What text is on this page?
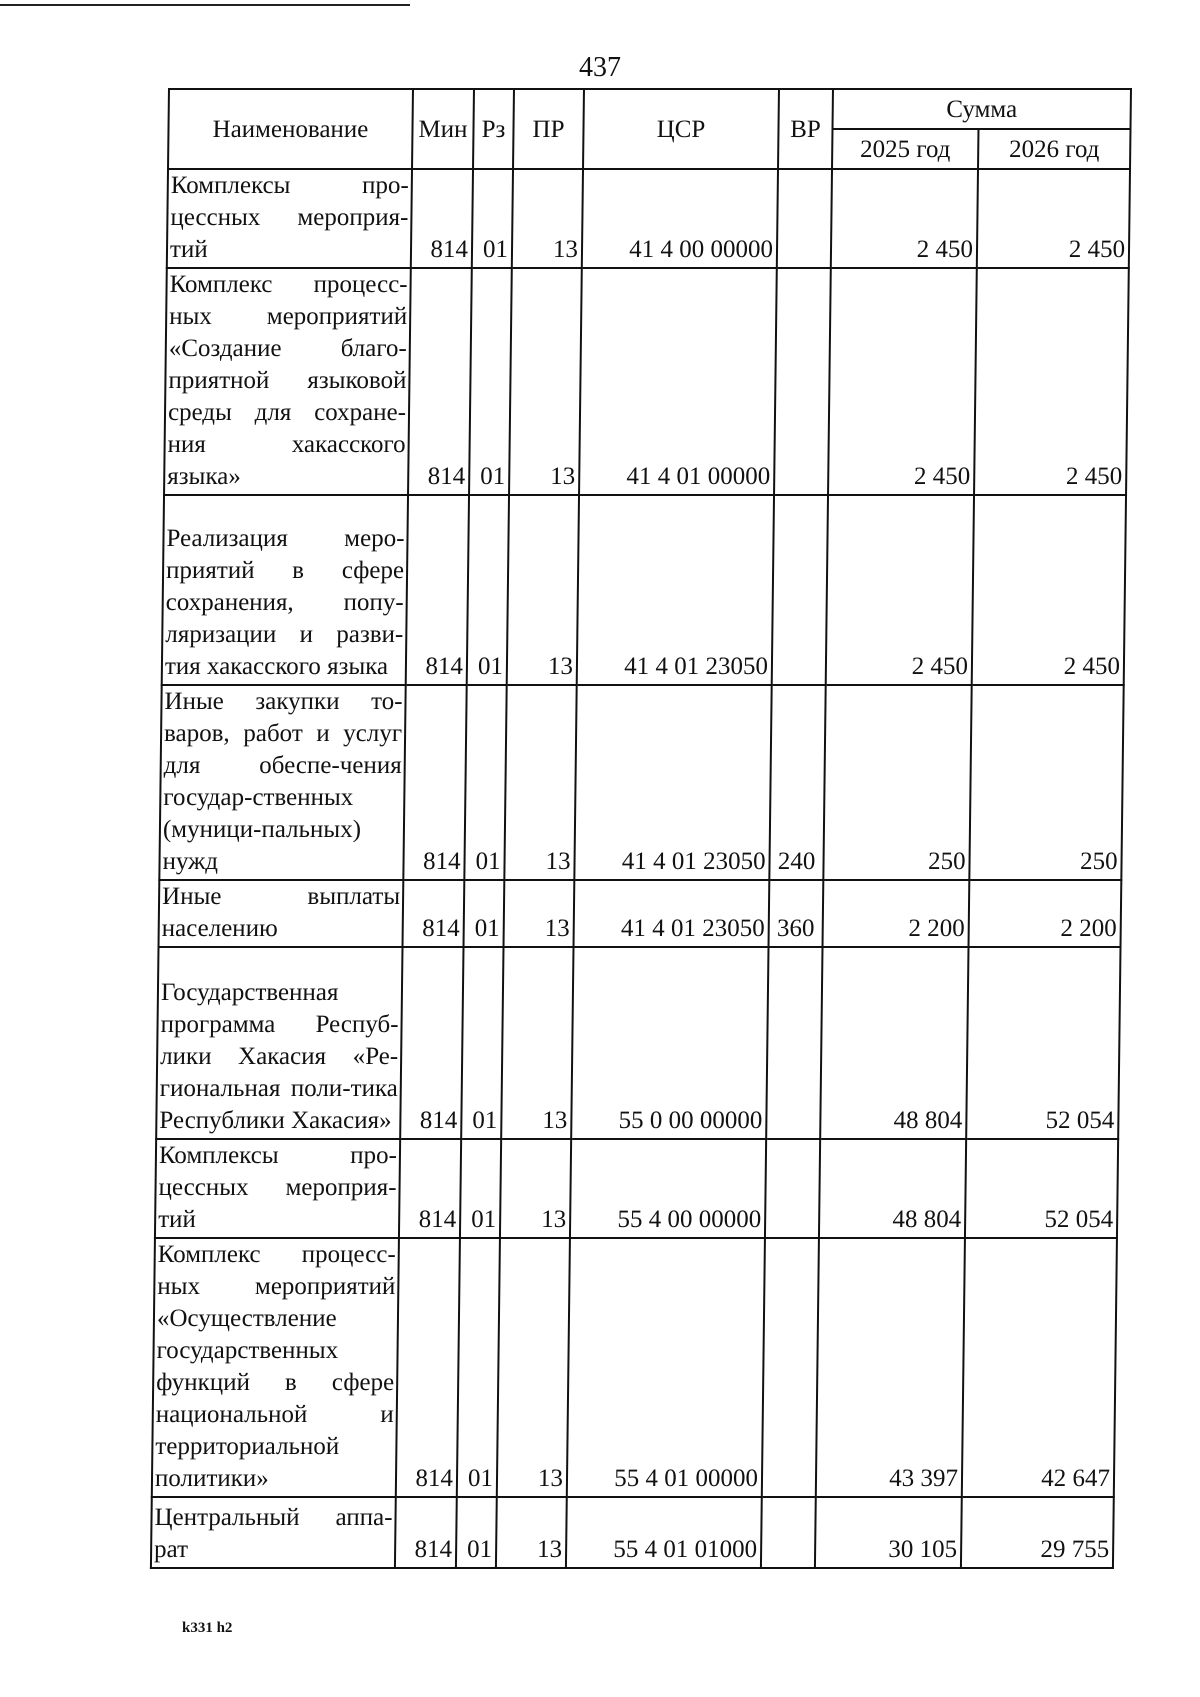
437
Наименование	Мин	Рз	ПР	ЦСР	ВР	Сумма	
						2025 год	2026 год
Комплексы про-цессных мероприя-тий	814	01	13	41 4 00 00000		2 450	2 450
Комплекс процесс-ных мероприятий «Создание благо-приятной языковой среды для сохране-ния хакасского языка»	814	01	13	41 4 01 00000		2 450	2 450
Реализация меро-приятий в сфере сохранения, попу-ляризации и разви-тия хакасского языка	814	01	13	41 4 01 23050		2 450	2 450
Иные закупки то-варов, работ и услуг для обеспе-чения государ-ственных (муници-пальных) нужд	814	01	13	41 4 01 23050	240	250	250
Иные выплаты населению	814	01	13	41 4 01 23050	360	2 200	2 200
Государственная программа Респуб-лики Хакасия «Ре-гиональная поли-тика Республики Хакасия»	814	01	13	55 0 00 00000		48 804	52 054
Комплексы про-цессных мероприя-тий	814	01	13	55 4 00 00000		48 804	52 054
Комплекс процесс-ных мероприятий «Осуществление государственных функций в сфере национальной и территориальной политики»	814	01	13	55 4 01 00000		43 397	42 647
Центральный аппа-рат	814	01	13	55 4 01 01000		30 105	29 755
k331 h2
